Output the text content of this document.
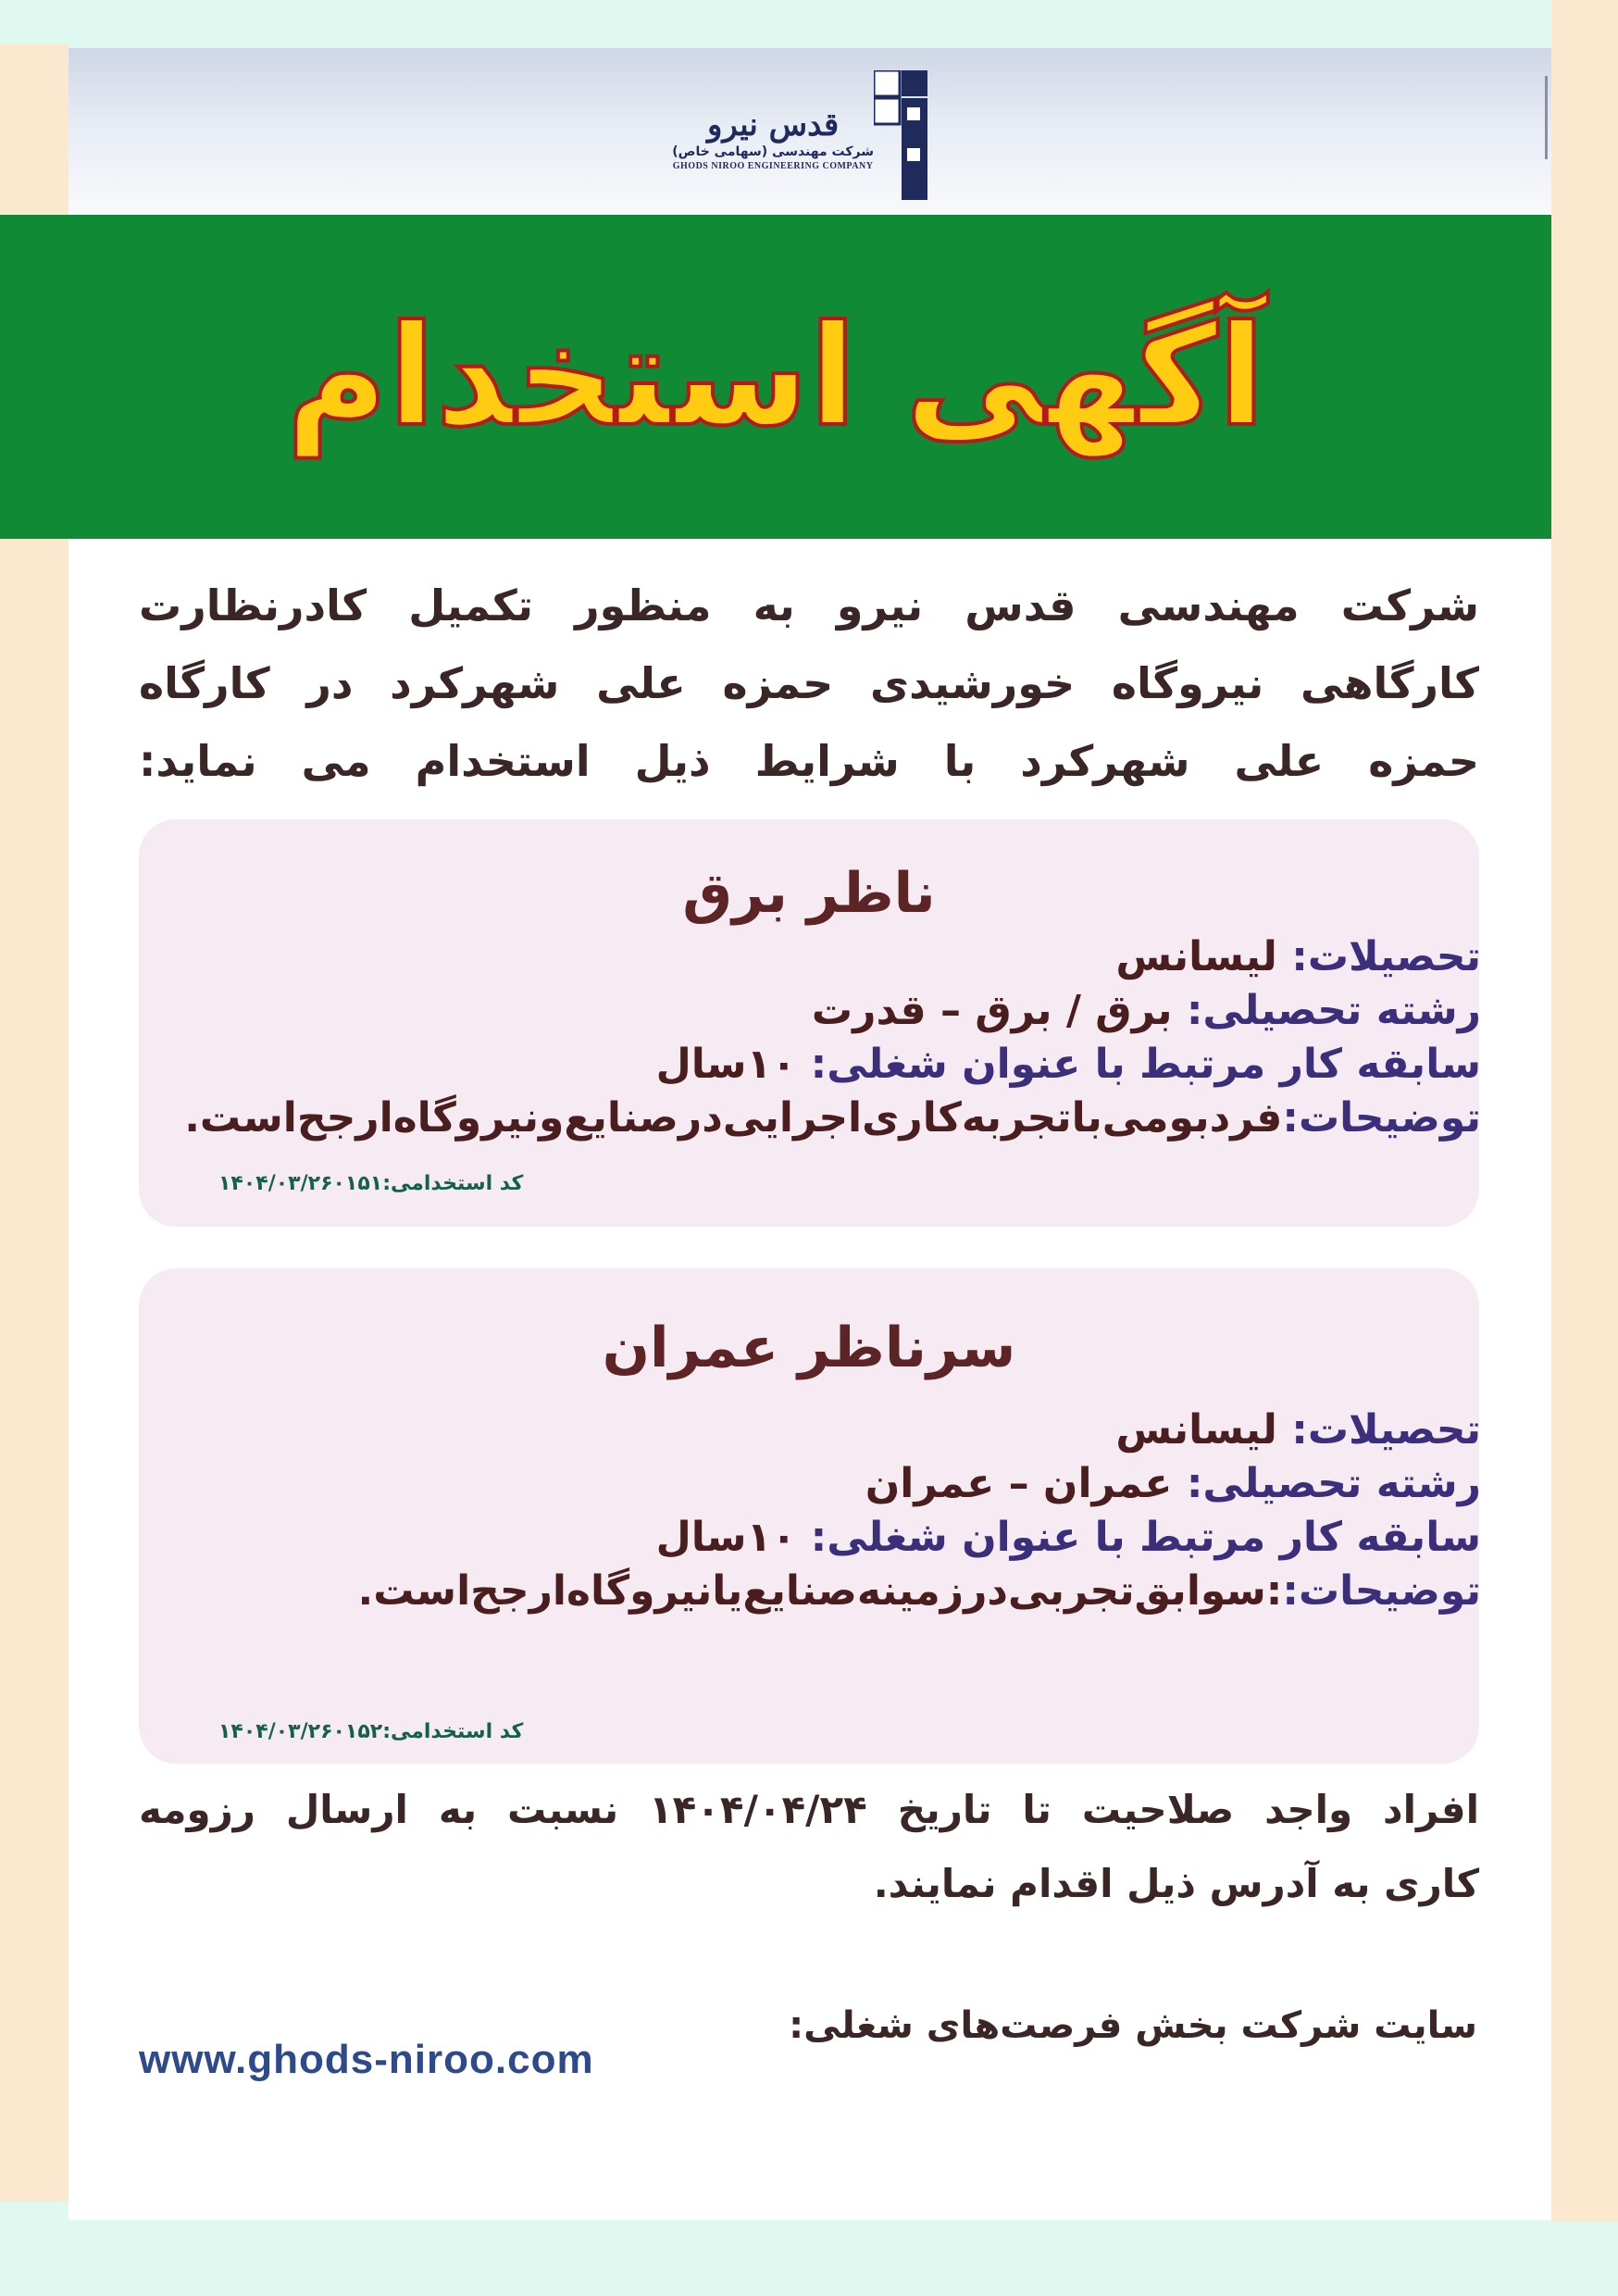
قدس نیرو
شرکت مهندسی (سهامی خاص)
GHODS NIROO ENGINEERING COMPANY
آگهی استخدام
شرکت مهندسی قدس نیرو به منظور تکمیل کادرنظارت
کارگاهی نیروگاه خورشیدی حمزه علی شهرکرد در کارگاه
حمزه علی شهرکرد با شرایط ذیل استخدام می نماید:
ناظر برق
تحصیلات: لیسانس
رشته تحصیلی: برق / برق – قدرت
سابقه کار مرتبط با عنوان شغلی: ۱۰سال
توضیحات:فردبومی‌باتجربه‌کاری‌اجرایی‌درصنایع‌ونیروگاه‌ارجح‌است.
کد استخدامی:۱۴۰۴/۰۳/۲۶۰۱۵۱
سرناظر عمران
تحصیلات: لیسانس
رشته تحصیلی: عمران – عمران
سابقه کار مرتبط با عنوان شغلی: ۱۰سال
توضیحات::سوابق‌تجربی‌درزمینه‌صنایع‌یانیروگاه‌ارجح‌است.
کد استخدامی:۱۴۰۴/۰۳/۲۶۰۱۵۲
افراد واجد صلاحیت تا تاریخ ۱۴۰۴/۰۴/۲۴ نسبت به ارسال رزومه
کاری به آدرس ذیل اقدام نمایند.
سایت شرکت بخش فرصت‌های شغلی:
www.ghods-niroo.com
